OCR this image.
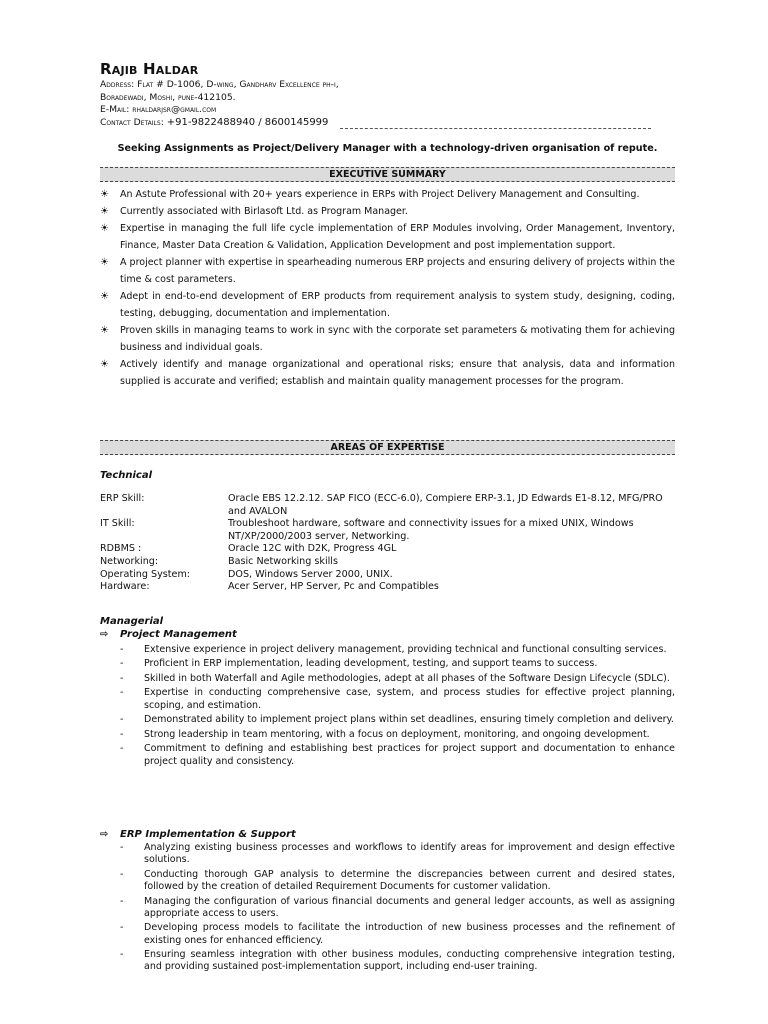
Rajib Haldar
Address: Flat # D-1006, D-wing, Gandharv Excellence ph-i,
Boradewadi, Moshi, pune-412105.
E-Mail: rhaldarjsr@gmail.com
Contact Details: +91-9822488940 / 8600145999
Seeking Assignments as Project/Delivery Manager with a technology-driven organisation of repute.
EXECUTIVE SUMMARY
☀ An Astute Professional with 20+ years experience in ERPs with Project Delivery Management and Consulting.
☀ Currently associated with Birlasoft Ltd. as Program Manager.
☀ Expertise in managing the full life cycle implementation of ERP Modules involving, Order Management, Inventory, Finance, Master Data Creation & Validation, Application Development and post implementation support.
☀ A project planner with expertise in spearheading numerous ERP projects and ensuring delivery of projects within the time & cost parameters.
☀ Adept in end-to-end development of ERP products from requirement analysis to system study, designing, coding, testing, debugging, documentation and implementation.
☀ Proven skills in managing teams to work in sync with the corporate set parameters & motivating them for achieving business and individual goals.
☀ Actively identify and manage organizational and operational risks; ensure that analysis, data and information supplied is accurate and verified; establish and maintain quality management processes for the program.
AREAS OF EXPERTISE
Technical
ERP Skill:	Oracle EBS 12.2.12. SAP FICO (ECC-6.0), Compiere ERP-3.1, JD Edwards E1-8.12, MFG/PRO and AVALON
IT Skill:	Troubleshoot hardware, software and connectivity issues for a mixed UNIX, Windows NT/XP/2000/2003 server, Networking.
RDBMS :	Oracle 12C with D2K, Progress 4GL
Networking:	Basic Networking skills
Operating System:	DOS, Windows Server 2000, UNIX.
Hardware:	Acer Server, HP Server, Pc and Compatibles
Managerial
⇨ Project Management
- Extensive experience in project delivery management, providing technical and functional consulting services.
- Proficient in ERP implementation, leading development, testing, and support teams to success.
- Skilled in both Waterfall and Agile methodologies, adept at all phases of the Software Design Lifecycle (SDLC).
- Expertise in conducting comprehensive case, system, and process studies for effective project planning, scoping, and estimation.
- Demonstrated ability to implement project plans within set deadlines, ensuring timely completion and delivery.
- Strong leadership in team mentoring, with a focus on deployment, monitoring, and ongoing development.
- Commitment to defining and establishing best practices for project support and documentation to enhance project quality and consistency.
⇨ ERP Implementation & Support
- Analyzing existing business processes and workflows to identify areas for improvement and design effective solutions.
- Conducting thorough GAP analysis to determine the discrepancies between current and desired states, followed by the creation of detailed Requirement Documents for customer validation.
- Managing the configuration of various financial documents and general ledger accounts, as well as assigning appropriate access to users.
- Developing process models to facilitate the introduction of new business processes and the refinement of existing ones for enhanced efficiency.
- Ensuring seamless integration with other business modules, conducting comprehensive integration testing, and providing sustained post-implementation support, including end-user training.
